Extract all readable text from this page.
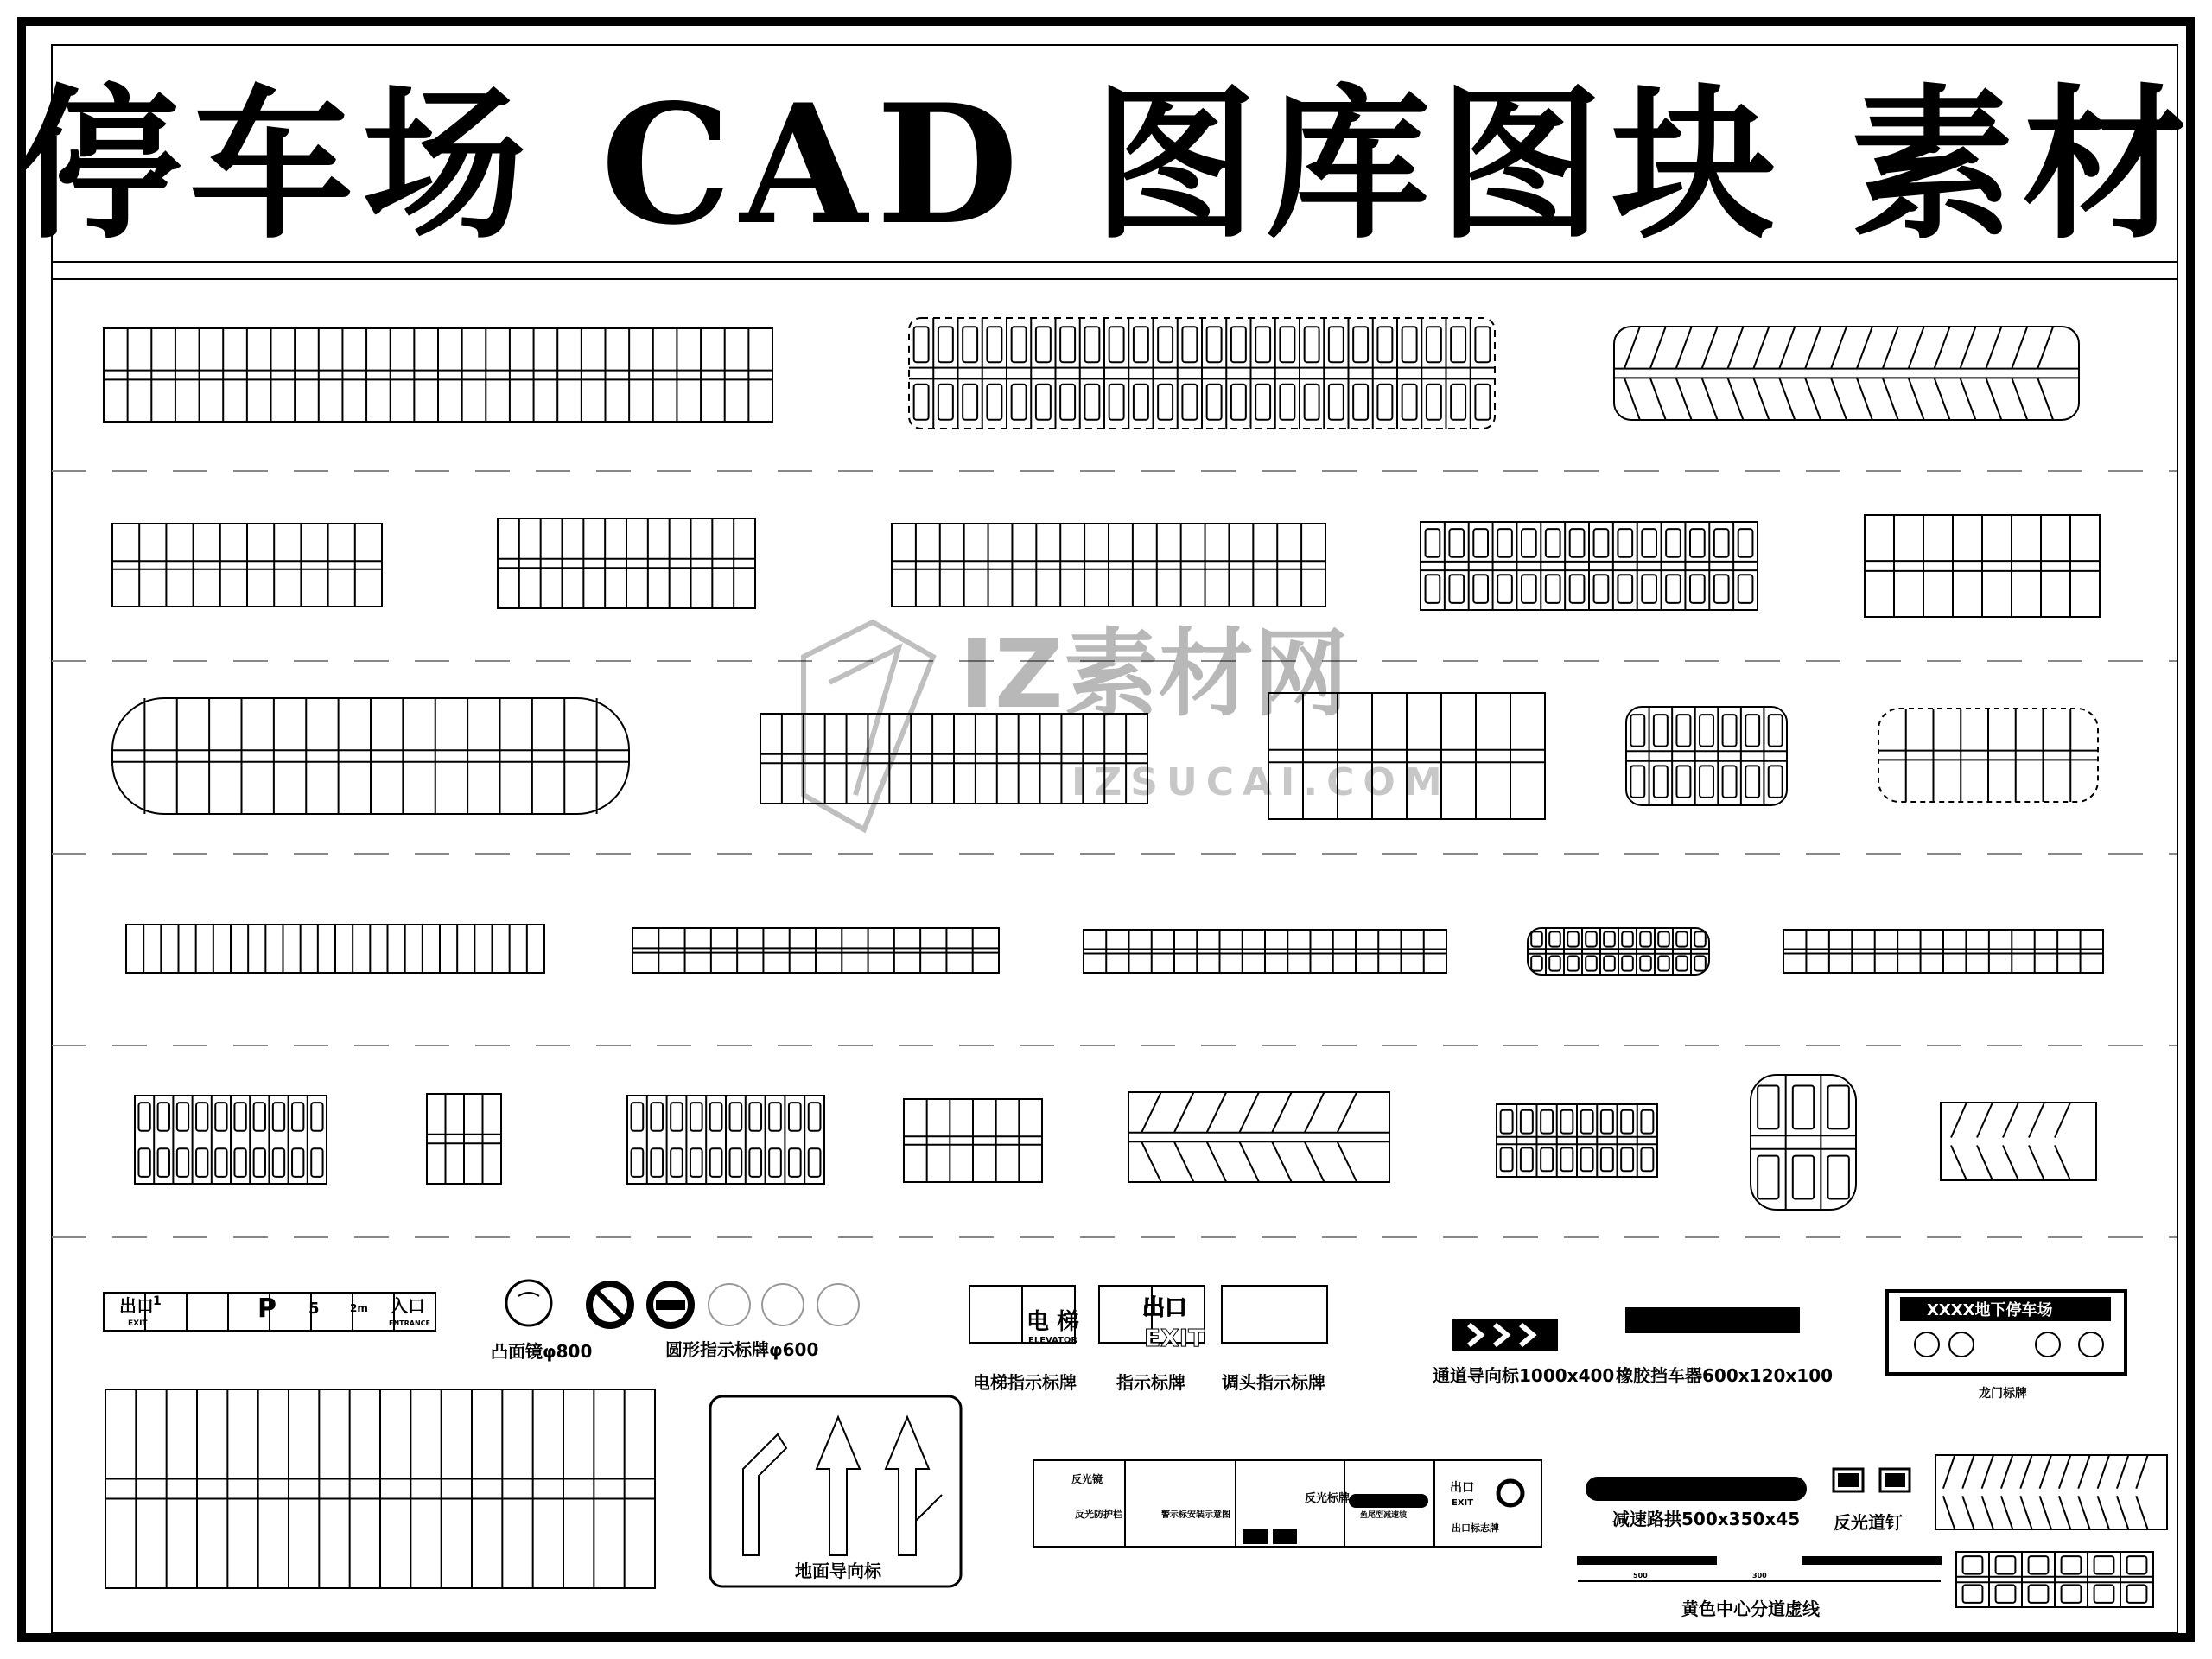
出口
EXIT
入口
ENTRANCE
P 5	2m
1
电 梯
ELEVATOR
出口
EXIT
XXXX地下停车场
反光镜
反光防护栏	警示标安装示意图
反光标牌
鱼尾型减速坡
出口
EXIT
出口标志牌
500	300
停车场 CAD 图库图块 素材
IZ素材网
IZSUCAI.COM
凸面镜φ800	圆形指示标牌φ600
电梯指示标牌 指示标牌 调头指示标牌	通道导向标1000x400 橡胶挡车器600x120x100
龙门标牌
地面导向标
减速路拱500x350x45 反光道钉
黄色中心分道虚线
